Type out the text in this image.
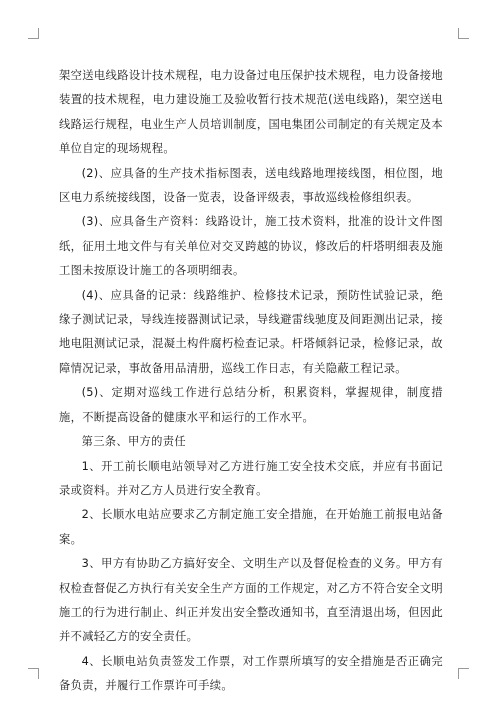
架空送电线路设计技术规程，电力设备过电压保护技术规程，电力设备接地装置的技术规程，电力建设施工及验收暂行技术规范(送电线路)，架空送电线路运行规程，电业生产人员培训制度，国电集团公司制定的有关规定及本单位自定的现场规程。

(2)、应具备的生产技术指标图表，送电线路地理接线图，相位图，地区电力系统接线图，设备一览表，设备评级表，事故巡线检修组织表。

(3)、应具备生产资料：线路设计，施工技术资料，批准的设计文件图纸，征用土地文件与有关单位对交叉跨越的协议，修改后的杆塔明细表及施工图未按原设计施工的各项明细表。

(4)、应具备的记录：线路维护、检修技术记录，预防性试验记录，绝缘子测试记录，导线连接器测试记录，导线避雷线驰度及间距测出记录，接地电阻测试记录，混凝土构件腐朽检查记录。杆塔倾斜记录，检修记录，故障情况记录，事故备用品清册，巡线工作日志，有关隐蔽工程记录。

(5)、定期对巡线工作进行总结分析，积累资料，掌握规律，制度措施，不断提高设备的健康水平和运行的工作水平。

第三条、甲方的责任

1、开工前长顺电站领导对乙方进行施工安全技术交底，并应有书面记录或资料。并对乙方人员进行安全教育。

2、长顺水电站应要求乙方制定施工安全措施，在开始施工前报电站备案。

3、甲方有协助乙方搞好安全、文明生产以及督促检查的义务。甲方有权检查督促乙方执行有关安全生产方面的工作规定，对乙方不符合安全文明施工的行为进行制止、纠正并发出安全整改通知书，直至清退出场，但因此并不减轻乙方的安全责任。

4、长顺电站负责签发工作票，对工作票所填写的安全措施是否正确完备负责，并履行工作票许可手续。
